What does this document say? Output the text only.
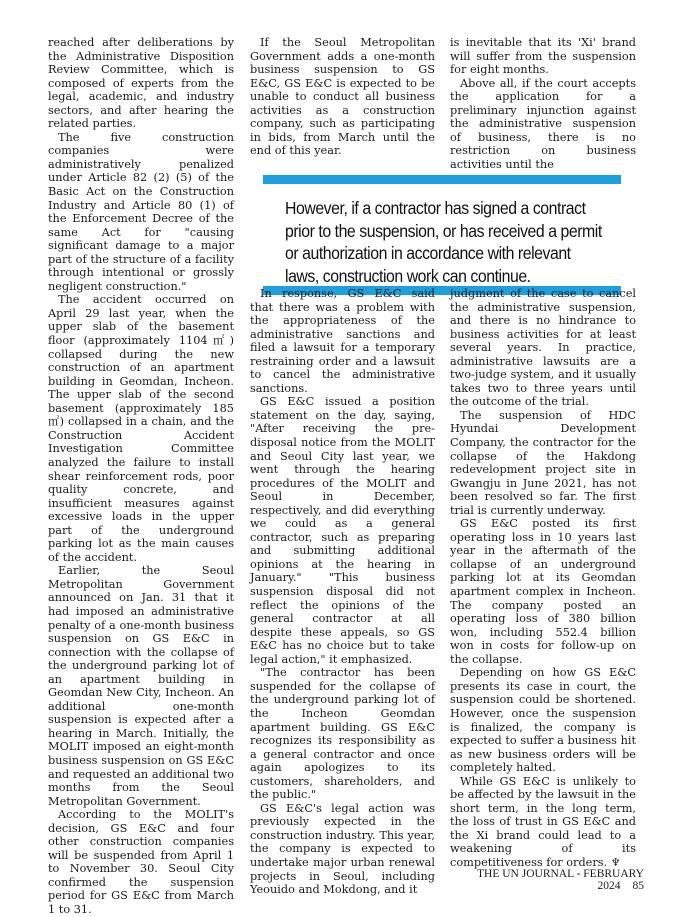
reached after deliberations by the Administrative Disposition Review Committee, which is composed of experts from the legal, academic, and industry sectors, and after hearing the related parties.

The five construction companies were administratively penalized under Article 82 (2) (5) of the Basic Act on the Construction Industry and Article 80 (1) of the Enforcement Decree of the same Act for "causing significant damage to a major part of the structure of a facility through intentional or grossly negligent construction."

The accident occurred on April 29 last year, when the upper slab of the basement floor (approximately 1104㎡) collapsed during the new construction of an apartment building in Geomdan, Incheon. The upper slab of the second basement (approximately 185㎡) collapsed in a chain, and the Construction Accident Investigation Committee analyzed the failure to install shear reinforcement rods, poor quality concrete, and insufficient measures against excessive loads in the upper part of the underground parking lot as the main causes of the accident.

Earlier, the Seoul Metropolitan Government announced on Jan. 31 that it had imposed an administrative penalty of a one-month business suspension on GS E&C in connection with the collapse of the underground parking lot of an apartment building in Geomdan New City, Incheon. An additional one-month suspension is expected after a hearing in March. Initially, the MOLIT imposed an eight-month business suspension on GS E&C and requested an additional two months from the Seoul Metropolitan Government.

According to the MOLIT's decision, GS E&C and four other construction companies will be suspended from April 1 to November 30. Seoul City confirmed the suspension period for GS E&C from March 1 to 31.

If the Seoul Metropolitan Government adds a one-month business suspension to GS E&C, GS E&C is expected to be unable to conduct all business activities as a construction company, such as participating in bids, from March until the end of this year.

is inevitable that its 'Xi' brand will suffer from the suspension for eight months.

Above all, if the court accepts the application for a preliminary injunction against the administrative suspension of business, there is no restriction on business activities until the

However, if a contractor has signed a contract prior to the suspension, or has received a permit or authorization in accordance with relevant laws, construction work can continue.

In response, GS E&C said that there was a problem with the appropriateness of the administrative sanctions and filed a lawsuit for a temporary restraining order and a lawsuit to cancel the administrative sanctions.

GS E&C issued a position statement on the day, saying, "After receiving the pre-disposal notice from the MOLIT and Seoul City last year, we went through the hearing procedures of the MOLIT and Seoul in December, respectively, and did everything we could as a general contractor, such as preparing and submitting additional opinions at the hearing in January." "This business suspension disposal did not reflect the opinions of the general contractor at all despite these appeals, so GS E&C has no choice but to take legal action," it emphasized.

"The contractor has been suspended for the collapse of the underground parking lot of the Incheon Geomdan apartment building. GS E&C recognizes its responsibility as a general contractor and once again apologizes to its customers, shareholders, and the public."

GS E&C's legal action was previously expected in the construction industry. This year, the company is expected to undertake major urban renewal projects in Seoul, including Yeouido and Mokdong, and it

judgment of the case to cancel the administrative suspension, and there is no hindrance to business activities for at least several years. In practice, administrative lawsuits are a two-judge system, and it usually takes two to three years until the outcome of the trial.

The suspension of HDC Hyundai Development Company, the contractor for the collapse of the Hakdong redevelopment project site in Gwangju in June 2021, has not been resolved so far. The first trial is currently underway.

GS E&C posted its first operating loss in 10 years last year in the aftermath of the collapse of an underground parking lot at its Geomdan apartment complex in Incheon. The company posted an operating loss of 380 billion won, including 552.4 billion won in costs for follow-up on the collapse.

Depending on how GS E&C presents its case in court, the suspension could be shortened. However, once the suspension is finalized, the company is expected to suffer a business hit as new business orders will be completely halted.

While GS E&C is unlikely to be affected by the lawsuit in the short term, in the long term, the loss of trust in GS E&C and the Xi brand could lead to a weakening of its competitiveness for orders. ♆

THE UN JOURNAL - FEBRUARY 2024 85
